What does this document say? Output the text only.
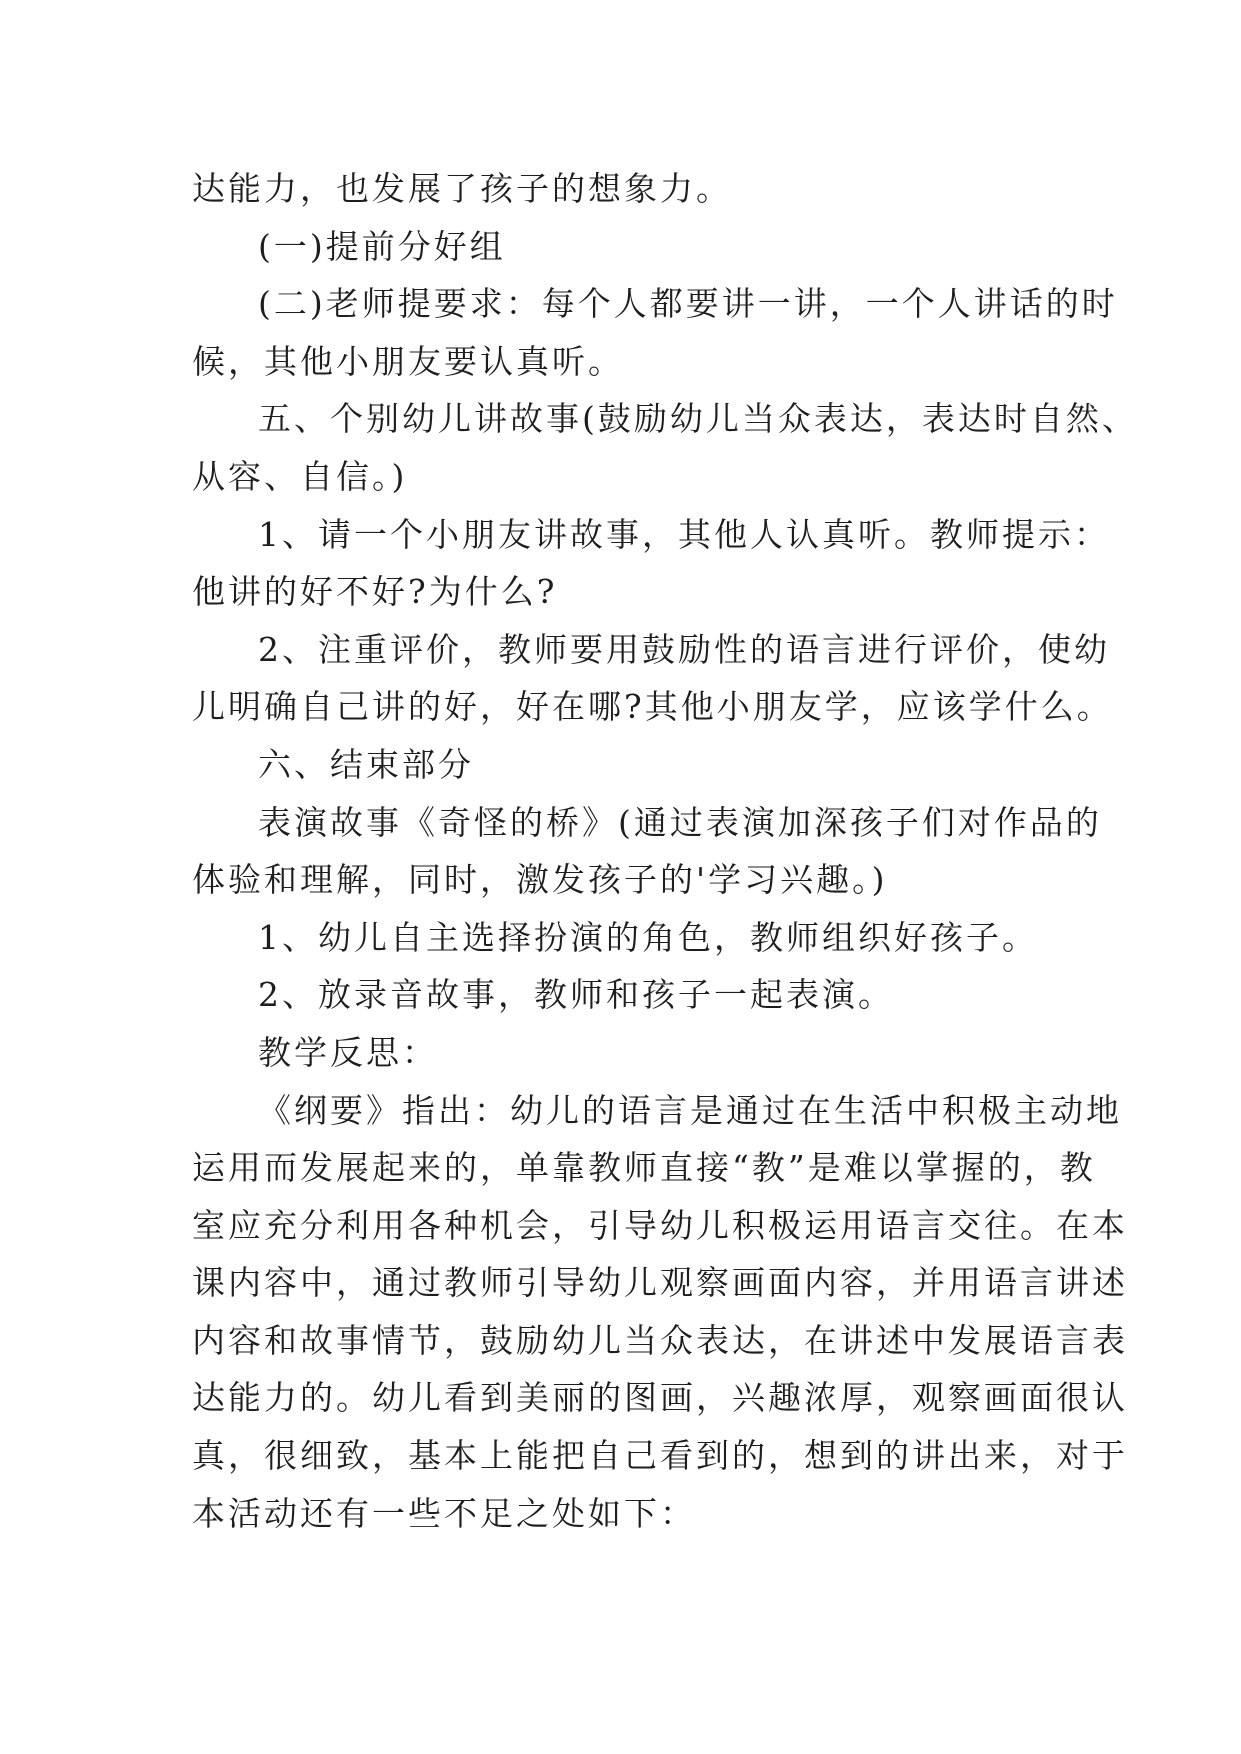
达能力，也发展了孩子的想象力。
(一)提前分好组
(二)老师提要求：每个人都要讲一讲，一个人讲话的时
候，其他小朋友要认真听。
五、个别幼儿讲故事(鼓励幼儿当众表达，表达时自然、
从容、自信。)
1、请一个小朋友讲故事，其他人认真听。教师提示：
他讲的好不好?为什么?
2、注重评价，教师要用鼓励性的语言进行评价，使幼
儿明确自己讲的好，好在哪?其他小朋友学，应该学什么。
六、结束部分
表演故事《奇怪的桥》(通过表演加深孩子们对作品的
体验和理解，同时，激发孩子的'学习兴趣。)
1、幼儿自主选择扮演的角色，教师组织好孩子。
2、放录音故事，教师和孩子一起表演。
教学反思：
《纲要》指出：幼儿的语言是通过在生活中积极主动地
运用而发展起来的，单靠教师直接“教”是难以掌握的，教
室应充分利用各种机会，引导幼儿积极运用语言交往。在本
课内容中，通过教师引导幼儿观察画面内容，并用语言讲述
内容和故事情节，鼓励幼儿当众表达，在讲述中发展语言表
达能力的。幼儿看到美丽的图画，兴趣浓厚，观察画面很认
真，很细致，基本上能把自己看到的，想到的讲出来，对于
本活动还有一些不足之处如下：
